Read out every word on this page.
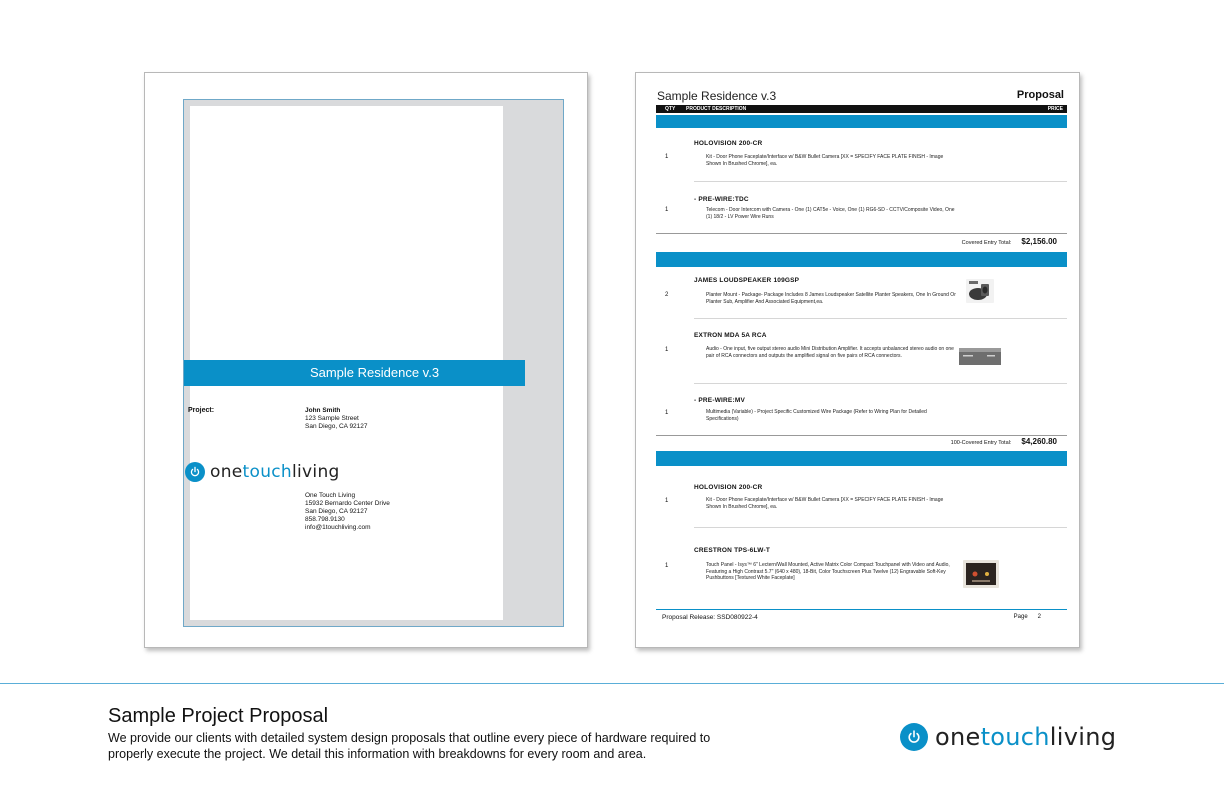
Sample Residence v.3
Project:	John Smith
123 Sample Street
San Diego, CA 92127
onetouchliving
One Touch Living
15932 Bernardo Center Drive
San Diego, CA 92127
858.798.9130
info@1touchliving.com
Sample Residence v.3	Proposal
QTY PRODUCT DESCRIPTION	PRICE
HOLOVISION 200-CR
1	Kit - Door Phone Faceplate/Interface w/ B&W Bullet Camera [XX = SPECIFY FACE PLATE FINISH - Image Shown In Brushed Chrome], ea.
- PRE-WIRE:TDC
1	Telecom - Door Intercom with Camera - One (1) CAT5e - Voice, One (1) RG6-SD - CCTV/Composite Video, One (1) 18/2 - LV Power Wire Runs
Covered Entry Total: $2,156.00
JAMES LOUDSPEAKER 109GSP
2	Planter Mount - Package- Package Includes 8 James Loudspeaker Satellite Planter Speakers, One In Ground Or Planter Sub, Amplifier And Associated Equipment,ea.
EXTRON MDA 5A RCA
1	Audio - One input, five output stereo audio Mini Distribution Amplifier. It accepts unbalanced stereo audio on one pair of RCA connectors and outputs the amplified signal on five pairs of RCA connectors.
- PRE-WIRE:MV
1	Multimedia (Variable) - Project Specific Customized Wire Package (Refer to Wiring Plan for Detailed Specifications)
100-Covered Entry Total: $4,260.80
HOLOVISION 200-CR
1	Kit - Door Phone Faceplate/Interface w/ B&W Bullet Camera [XX = SPECIFY FACE PLATE FINISH - Image Shown In Brushed Chrome], ea.
CRESTRON TPS-6LW-T
1	Touch Panel - Isys™ 6" Lectern/Wall Mounted, Active Matrix Color Compact Touchpanel with Video and Audio, Featuring a High Contrast 5.7" (640 x 480), 18-Bit, Color Touchscreen Plus Twelve (12) Engravable Soft-Key Pushbuttons [Textured White Faceplate]
Proposal Release: SSD080922-4	Page 2
Sample Project Proposal
We provide our clients with detailed system design proposals that outline every piece of hardware required to properly execute the project. We detail this information with breakdowns for every room and area.
onetouchliving
